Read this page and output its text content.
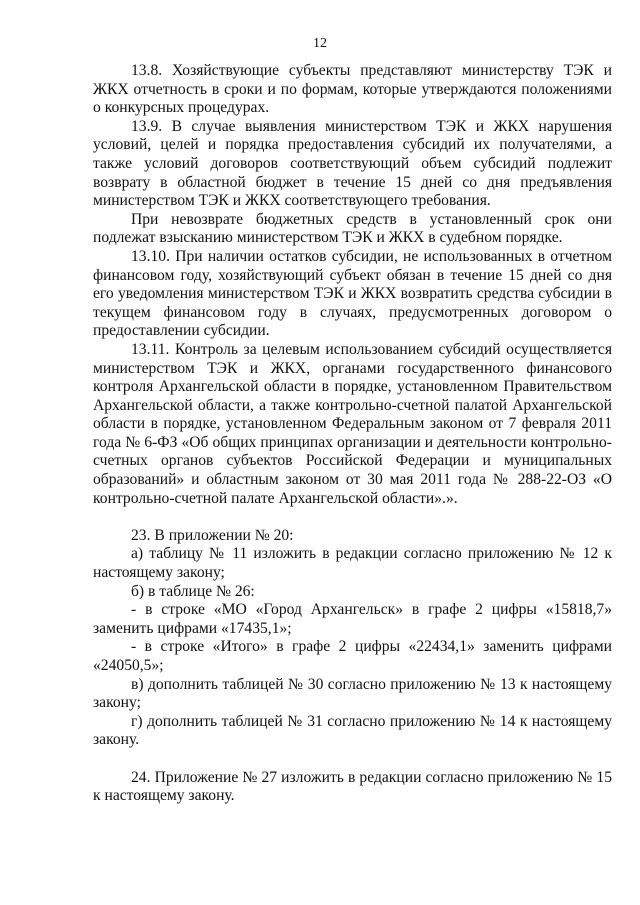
12

13.8. Хозяйствующие субъекты представляют министерству ТЭК и ЖКХ отчетность в сроки и по формам, которые утверждаются положениями о конкурсных процедурах.

13.9. В случае выявления министерством ТЭК и ЖКХ нарушения условий, целей и порядка предоставления субсидий их получателями, а также условий договоров соответствующий объем субсидий подлежит возврату в областной бюджет в течение 15 дней со дня предъявления министерством ТЭК и ЖКХ соответствующего требования.

При невозврате бюджетных средств в установленный срок они подлежат взысканию министерством ТЭК и ЖКХ в судебном порядке.

13.10. При наличии остатков субсидии, не использованных в отчетном финансовом году, хозяйствующий субъект обязан в течение 15 дней со дня его уведомления министерством ТЭК и ЖКХ возвратить средства субсидии в текущем финансовом году в случаях, предусмотренных договором о предоставлении субсидии.

13.11. Контроль за целевым использованием субсидий осуществляется министерством ТЭК и ЖКХ, органами государственного финансового контроля Архангельской области в порядке, установленном Правительством Архангельской области, а также контрольно-счетной палатой Архангельской области в порядке, установленном Федеральным законом от 7 февраля 2011 года № 6-ФЗ «Об общих принципах организации и деятельности контрольно-счетных органов субъектов Российской Федерации и муниципальных образований» и областным законом от 30 мая 2011 года № 288-22-ОЗ «О контрольно-счетной палате Архангельской области».».

23. В приложении № 20:

а) таблицу № 11 изложить в редакции согласно приложению № 12 к настоящему закону;

б) в таблице № 26:

- в строке «МО «Город Архангельск» в графе 2 цифры «15818,7» заменить цифрами «17435,1»;

- в строке «Итого» в графе 2 цифры «22434,1» заменить цифрами «24050,5»;

в) дополнить таблицей № 30 согласно приложению № 13 к настоящему закону;

г) дополнить таблицей № 31 согласно приложению № 14 к настоящему закону.

24. Приложение № 27 изложить в редакции согласно приложению № 15 к настоящему закону.
